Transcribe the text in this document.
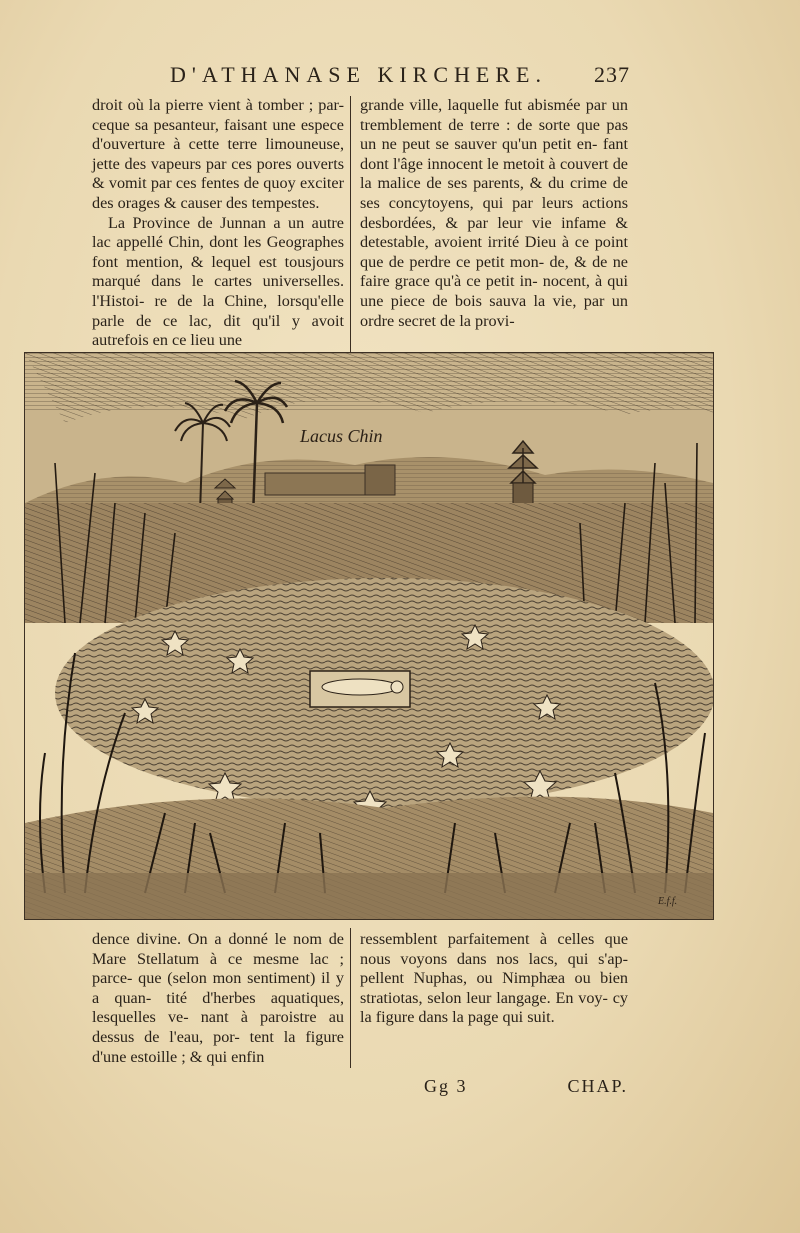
D'ATHANASE KIRCHERE. 237

droit où la pierre vient à tomber ; par- ceque sa pesanteur, faisant une espece d'ouverture à cette terre limouneuse, jette des vapeurs par ces pores ouverts & vomit par ces fentes de quoy exciter des orages & causer des tempestes.

La Province de Junnan a un autre lac appellé Chin, dont les Geographes font mention, & lequel est tousjours marqué dans le cartes universelles. l'Histoi- re de la Chine, lorsqu'elle parle de ce lac, dit qu'il y avoit autrefois en ce lieu une

grande ville, laquelle fut abismée par un tremblement de terre : de sorte que pas un ne peut se sauver qu'un petit en- fant dont l'âge innocent le metoit à couvert de la malice de ses parents, & du crime de ses concytoyens, qui par leurs actions desbordées, & par leur vie infame & detestable, avoient irrité Dieu à ce point que de perdre ce petit mon- de, & de ne faire grace qu'à ce petit in- nocent, à qui une piece de bois sauva la vie, par un ordre secret de la provi-

Lacus Chin
E.f.f.

dence divine. On a donné le nom de Mare Stellatum à ce mesme lac ; parce- que (selon mon sentiment) il y a quan- tité d'herbes aquatiques, lesquelles ve- nant à paroistre au dessus de l'eau, por- tent la figure d'une estoille ; & qui enfin

ressemblent parfaitement à celles que nous voyons dans nos lacs, qui s'ap- pellent Nuphas, ou Nimphæa ou bien stratiotas, selon leur langage. En voy- cy la figure dans la page qui suit.

Gg 3	CHAP.
